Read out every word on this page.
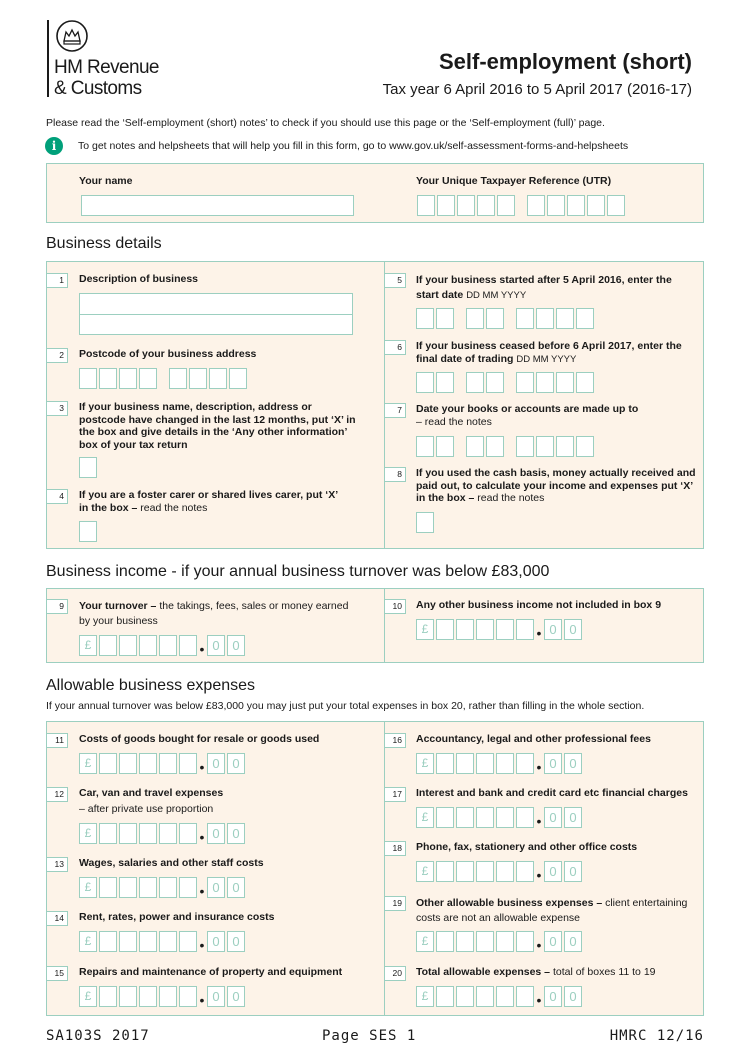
HM Revenue
& Customs
Self-employment (short)
Tax year 6 April 2016 to 5 April 2017 (2016-17)
Please read the ‘Self-employment (short) notes’ to check if you should use this page or the ‘Self-employment (full)’ page.
i	To get notes and helpsheets that will help you fill in this form, go to www.gov.uk/self-assessment-forms-and-helpsheets
Your name	Your Unique Taxpayer Reference (UTR)
Business details
1	Description of business
2	Postcode of your business address
3	If your business name, description, address or postcode have changed in the last 12 months, put ‘X’ in the box and give details in the ‘Any other information’ box of your tax return
4	If you are a foster carer or shared lives carer, put ‘X’ in the box – read the notes
5	If your business started after 5 April 2016, enter the start date DD MM YYYY
6	If your business ceased before 6 April 2017, enter the final date of trading DD MM YYYY
7	Date your books or accounts are made up to
– read the notes
8	If you used the cash basis, money actually received and paid out, to calculate your income and expenses put ‘X’ in the box – read the notes
Business income - if your annual business turnover was below £83,000
9	Your turnover – the takings, fees, sales or money earned by your business
£	• 0 0
10	Any other business income not included in box 9
£	• 0 0
Allowable business expenses
If your annual turnover was below £83,000 you may just put your total expenses in box 20, rather than filling in the whole section.
11	Costs of goods bought for resale or goods used
£	• 0 0
12	Car, van and travel expenses
– after private use proportion
£	• 0 0
13	Wages, salaries and other staff costs
£	• 0 0
14	Rent, rates, power and insurance costs
£	• 0 0
15	Repairs and maintenance of property and equipment
£	• 0 0
16	Accountancy, legal and other professional fees
£	• 0 0
17	Interest and bank and credit card etc financial charges
£	• 0 0
18	Phone, fax, stationery and other office costs
£	• 0 0
19	Other allowable business expenses – client entertaining costs are not an allowable expense
£	• 0 0
20	Total allowable expenses – total of boxes 11 to 19
£	• 0 0
SA103S 2017	Page SES 1	HMRC 12/16
